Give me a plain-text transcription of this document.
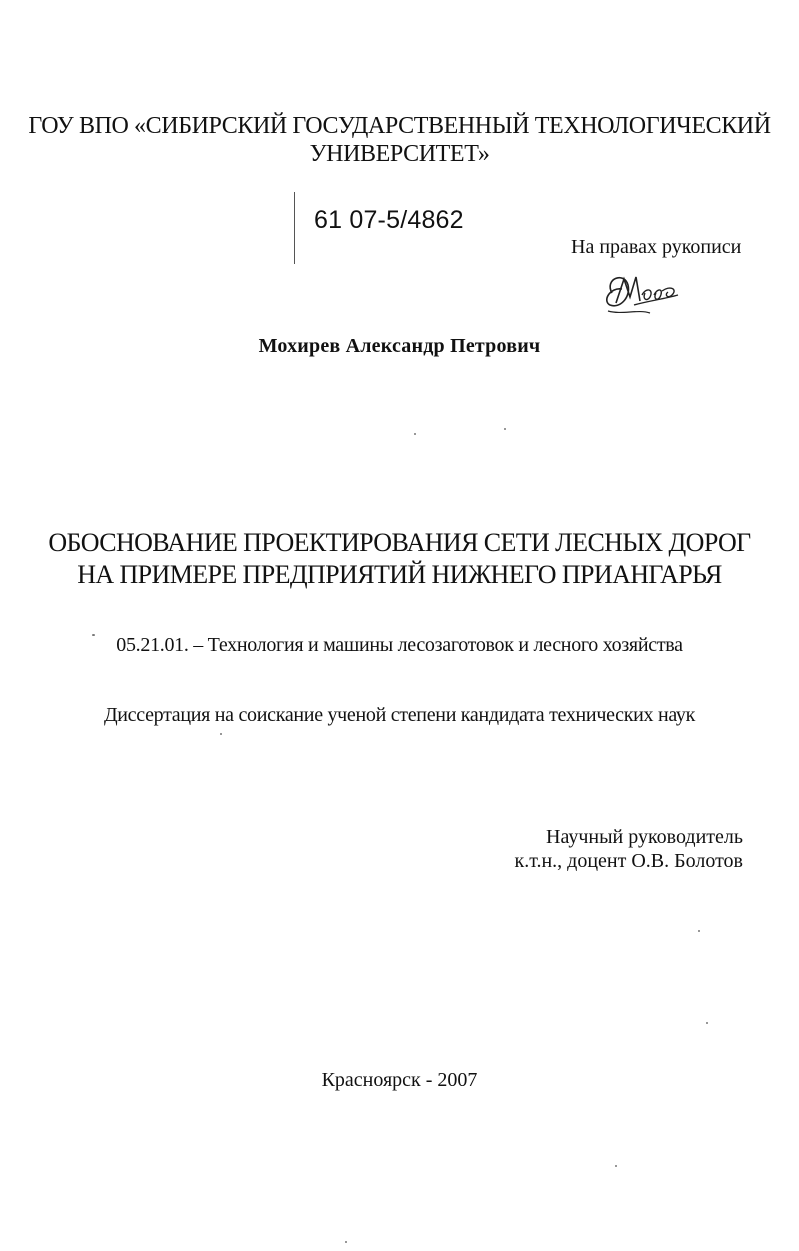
ГОУ ВПО «СИБИРСКИЙ ГОСУДАРСТВЕННЫЙ ТЕХНОЛОГИЧЕСКИЙ
УНИВЕРСИТЕТ»
61 07-5/4862
На правах рукописи
Мохирев Александр Петрович
ОБОСНОВАНИЕ ПРОЕКТИРОВАНИЯ СЕТИ ЛЕСНЫХ ДОРОГ
НА ПРИМЕРЕ ПРЕДПРИЯТИЙ НИЖНЕГО ПРИАНГАРЬЯ
05.21.01. – Технология и машины лесозаготовок и лесного хозяйства
Диссертация на соискание ученой степени кандидата технических наук
Научный руководитель
к.т.н., доцент О.В. Болотов
Красноярск - 2007
